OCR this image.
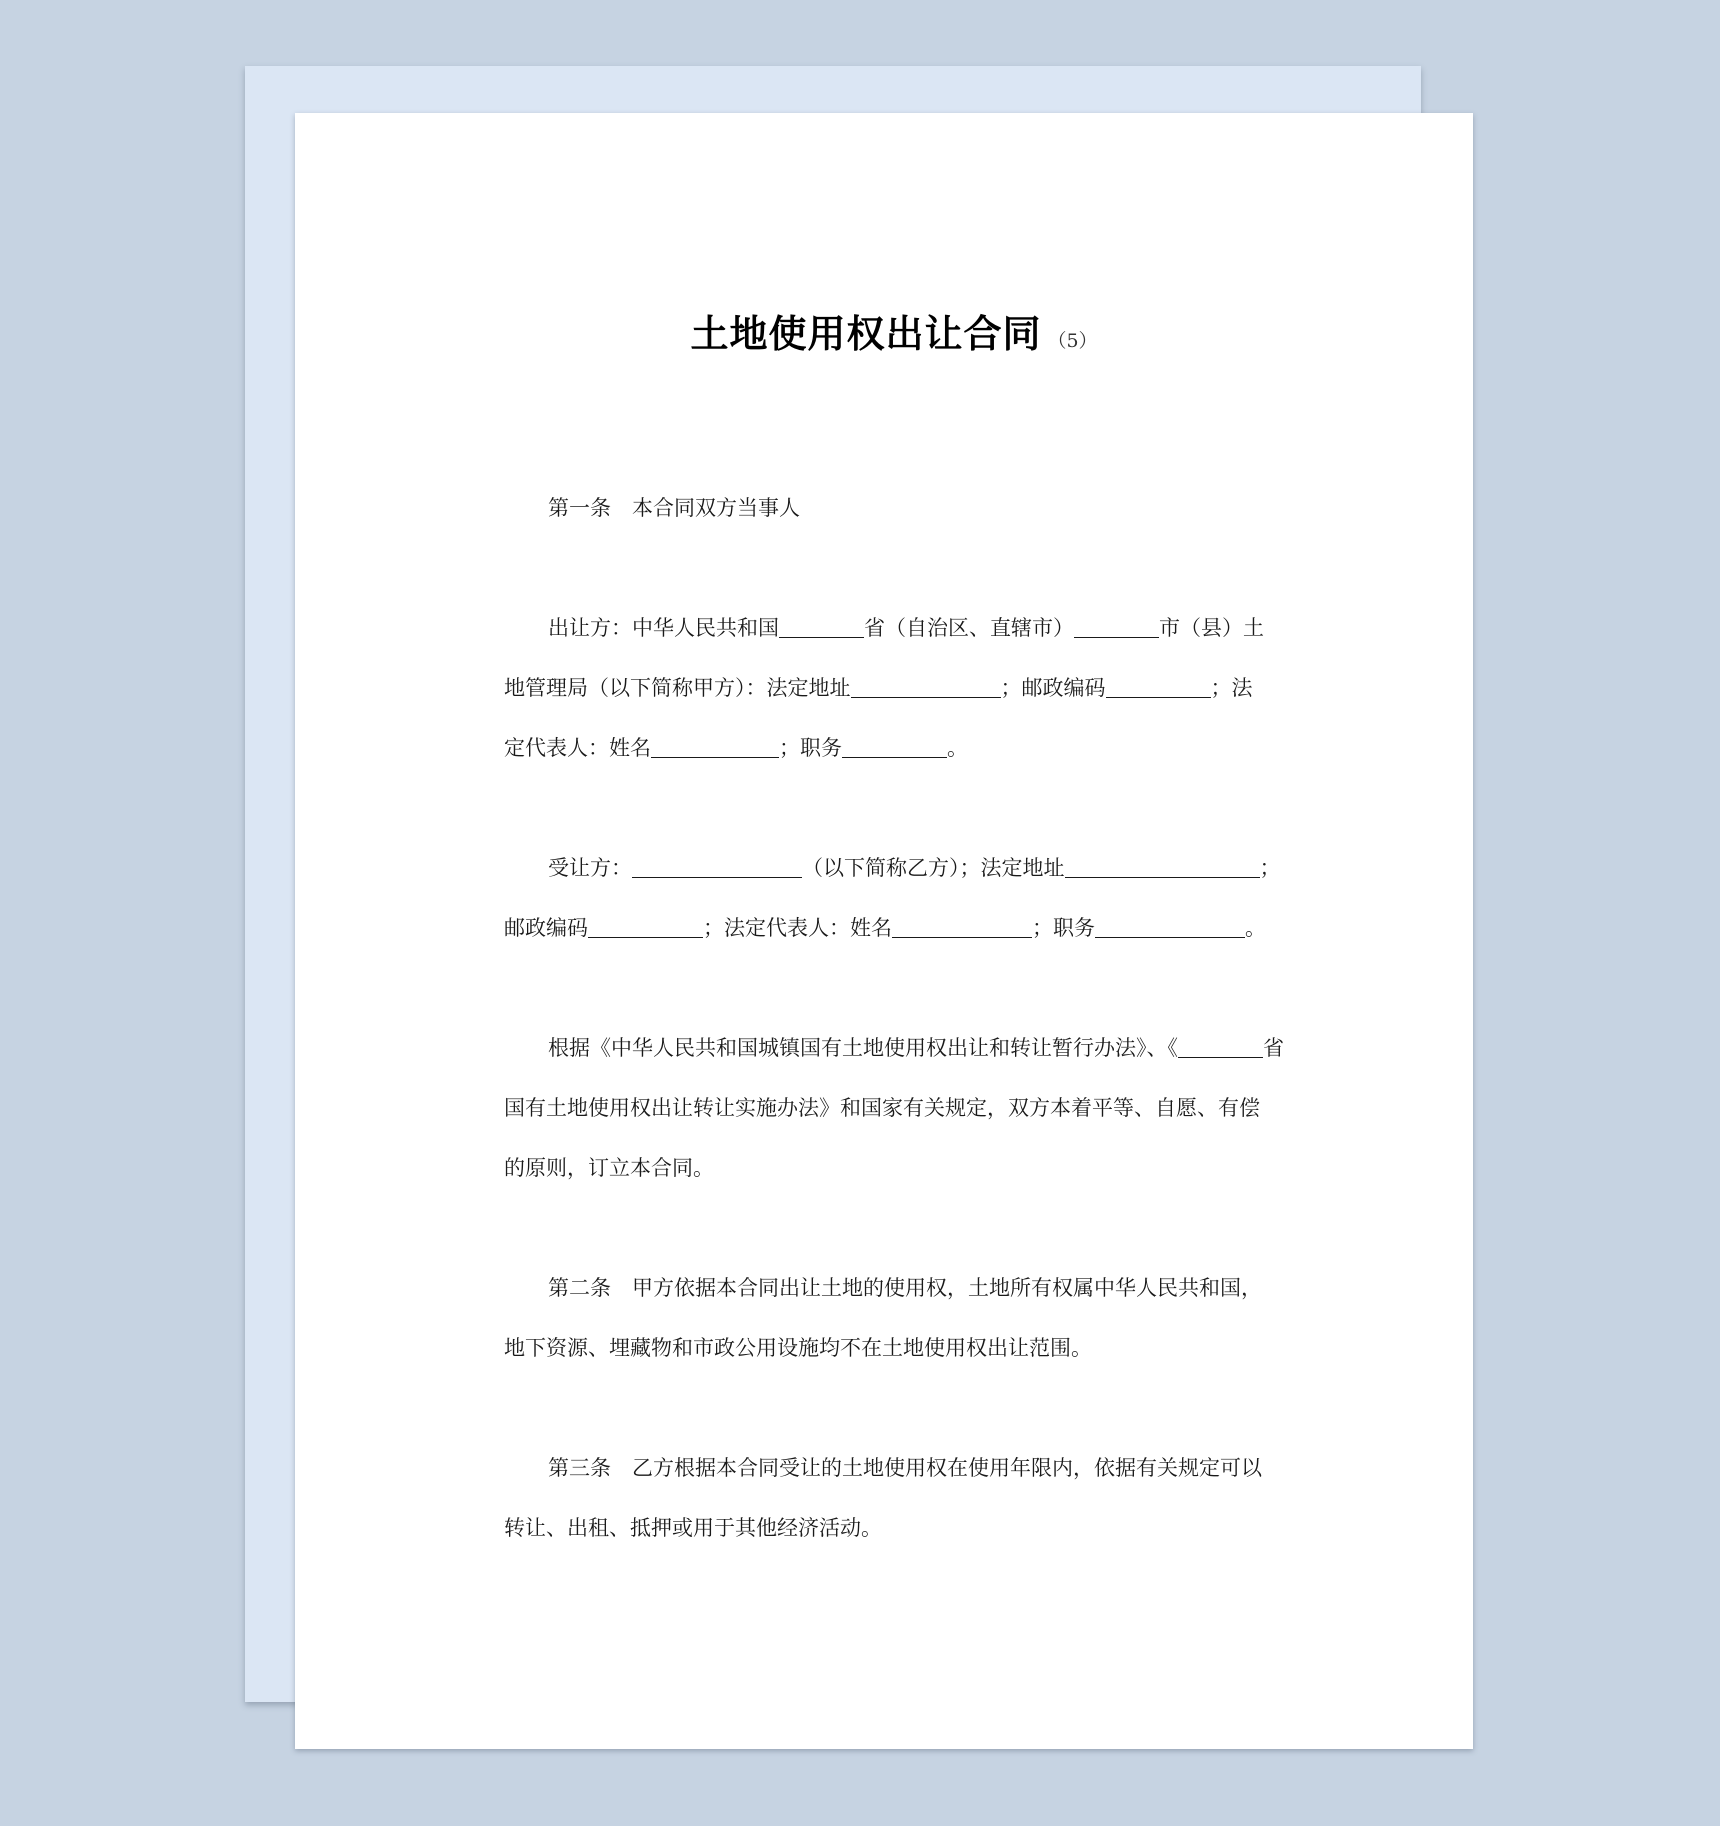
土地使用权出让合同 （5）

第一条　本合同双方当事人

出让方：中华人民共和国	省（自治区、直辖市）	市（县）土
地管理局（以下简称甲方）：法定地址	；邮政编码	；法
定代表人：姓名	；职务	。
受让方：	（以下简称乙方）；法定地址	；
邮政编码	；法定代表人：姓名	；职务	。
根据《中华人民共和国城镇国有土地使用权出让和转让暂行办法》、《	省
国有土地使用权出让转让实施办法》和国家有关规定，双方本着平等、自愿、有偿
的原则，订立本合同。
第二条　甲方依据本合同出让土地的使用权，土地所有权属中华人民共和国，
地下资源、埋藏物和市政公用设施均不在土地使用权出让范围。
第三条　乙方根据本合同受让的土地使用权在使用年限内，依据有关规定可以
转让、出租、抵押或用于其他经济活动。
